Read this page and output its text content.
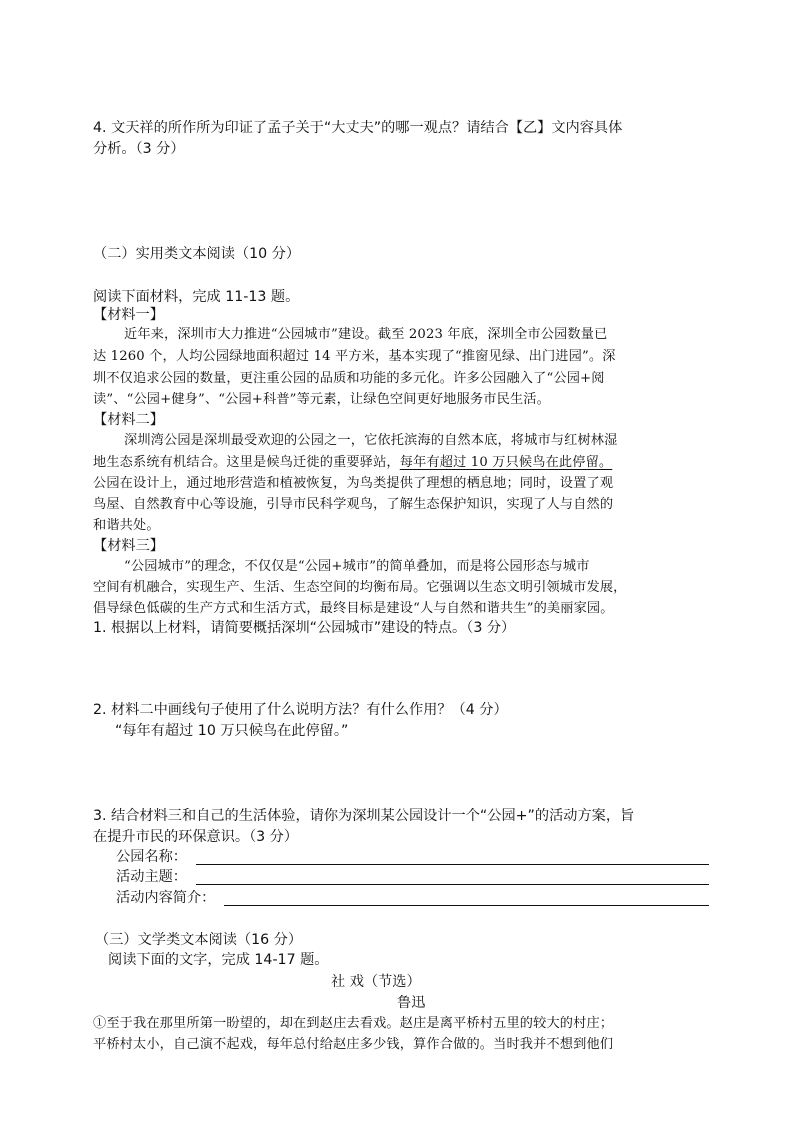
4. 文天祥的所作所为印证了孟子关于“大丈夫”的哪一观点？请结合【乙】文内容具体
分析。（3 分）
（二）实用类文本阅读（10 分）
阅读下面材料，完成 11-13 题。
【材料一】
近年来，深圳市大力推进“公园城市”建设。截至 2023 年底，深圳全市公园数量已
达 1260 个，人均公园绿地面积超过 14 平方米，基本实现了“推窗见绿、出门进园”。深
圳不仅追求公园的数量，更注重公园的品质和功能的多元化。许多公园融入了“公园+阅
读”、“公园+健身”、“公园+科普”等元素，让绿色空间更好地服务市民生活。
【材料二】
深圳湾公园是深圳最受欢迎的公园之一，它依托滨海的自然本底，将城市与红树林湿
地生态系统有机结合。这里是候鸟迁徙的重要驿站，每年有超过 10 万只候鸟在此停留。
公园在设计上，通过地形营造和植被恢复，为鸟类提供了理想的栖息地；同时，设置了观
鸟屋、自然教育中心等设施，引导市民科学观鸟，了解生态保护知识，实现了人与自然的
和谐共处。
【材料三】
“公园城市”的理念，不仅仅是“公园+城市”的简单叠加，而是将公园形态与城市
空间有机融合，实现生产、生活、生态空间的均衡布局。它强调以生态文明引领城市发展，
倡导绿色低碳的生产方式和生活方式，最终目标是建设“人与自然和谐共生”的美丽家园。
1. 根据以上材料，请简要概括深圳“公园城市”建设的特点。（3 分）
2. 材料二中画线句子使用了什么说明方法？有什么作用？（4 分）
“每年有超过 10 万只候鸟在此停留。”
3. 结合材料三和自己的生活体验，请你为深圳某公园设计一个“公园+”的活动方案，旨
在提升市民的环保意识。（3 分）
公园名称：
活动主题：
活动内容简介：
（三）文学类文本阅读（16 分）
阅读下面的文字，完成 14-17 题。
社 戏（节选）
鲁迅
①至于我在那里所第一盼望的，却在到赵庄去看戏。赵庄是离平桥村五里的较大的村庄；
平桥村太小，自己演不起戏，每年总付给赵庄多少钱，算作合做的。当时我并不想到他们
